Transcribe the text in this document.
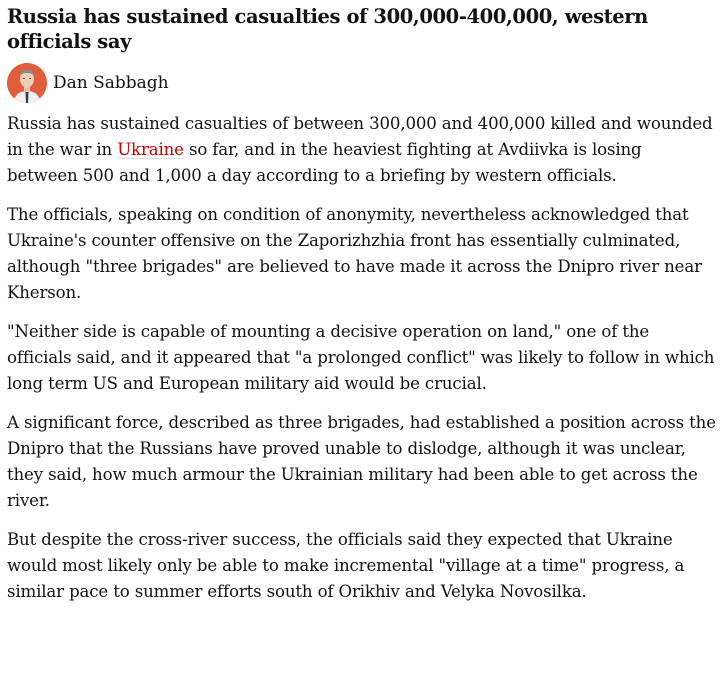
Russia has sustained casualties of 300,000-400,000, western officials say
Dan Sabbagh

Russia has sustained casualties of between 300,000 and 400,000 killed and wounded in the war in Ukraine so far, and in the heaviest fighting at Avdiivka is losing between 500 and 1,000 a day according to a briefing by western officials.

The officials, speaking on condition of anonymity, nevertheless acknowledged that Ukraine's counter offensive on the Zaporizhzhia front has essentially culminated, although "three brigades" are believed to have made it across the Dnipro river near Kherson.

"Neither side is capable of mounting a decisive operation on land," one of the officials said, and it appeared that "a prolonged conflict" was likely to follow in which long term US and European military aid would be crucial.

A significant force, described as three brigades, had established a position across the Dnipro that the Russians have proved unable to dislodge, although it was unclear, they said, how much armour the Ukrainian military had been able to get across the river.

But despite the cross-river success, the officials said they expected that Ukraine would most likely only be able to make incremental "village at a time" progress, a similar pace to summer efforts south of Orikhiv and Velyka Novosilka.
